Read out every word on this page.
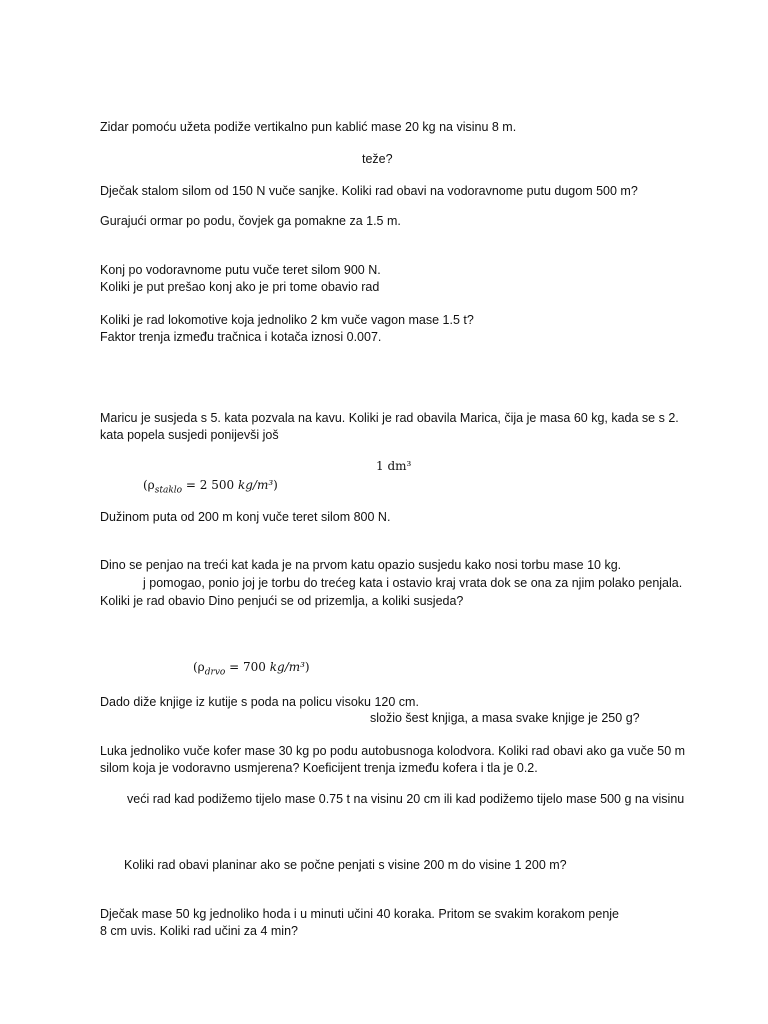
Zidar pomoću užeta podiže vertikalno pun kablić mase 20 kg na visinu 8 m.
teže?
Dječak stalom silom od 150 N vuče sanjke. Koliki rad obavi na vodoravnome putu dugom 500 m?
Gurajući ormar po podu, čovjek ga pomakne za 1.5 m.
Konj po vodoravnome putu vuče teret silom 900 N.
Koliki je put prešao konj ako je pri tome obavio rad
Koliki je rad lokomotive koja jednoliko 2 km vuče vagon mase 1.5 t?
Faktor trenja između tračnica i kotača iznosi 0.007.
Maricu je susjeda s 5. kata pozvala na kavu. Koliki je rad obavila Marica, čija je masa 60 kg, kada se s 2.
kata popela susjedi ponijevši još
1 dm³
($\rho_{staklo} = 2$ 500 kg/m³)
Dužinom puta od 200 m konj vuče teret silom 800 N.
Dino se penjao na treći kat kada je na prvom katu opazio susjedu kako nosi torbu mase 10 kg.
j pomogao, ponio joj je torbu do trećeg kata i ostavio kraj vrata dok se ona za njim polako penjala.
Koliki je rad obavio Dino penjući se od prizemlja, a koliki susjeda?
($\rho_{drvo} = 700$ kg/m³)
Dado diže knjige iz kutije s poda na policu visoku 120 cm.
složio šest knjiga, a masa svake knjige je 250 g?
Luka jednoliko vuče kofer mase 30 kg po podu autobusnoga kolodvora. Koliki rad obavi ako ga vuče 50 m
silom koja je vodoravno usmjerena? Koeficijent trenja između kofera i tla je 0.2.
veći rad kad podižemo tijelo mase 0.75 t na visinu 20 cm ili kad podižemo tijelo mase 500 g na visinu
Koliki rad obavi planinar ako se počne penjati s visine 200 m do visine 1 200 m?
Dječak mase 50 kg jednoliko hoda i u minuti učini 40 koraka. Pritom se svakim korakom penje
8 cm uvis. Koliki rad učini za 4 min?
